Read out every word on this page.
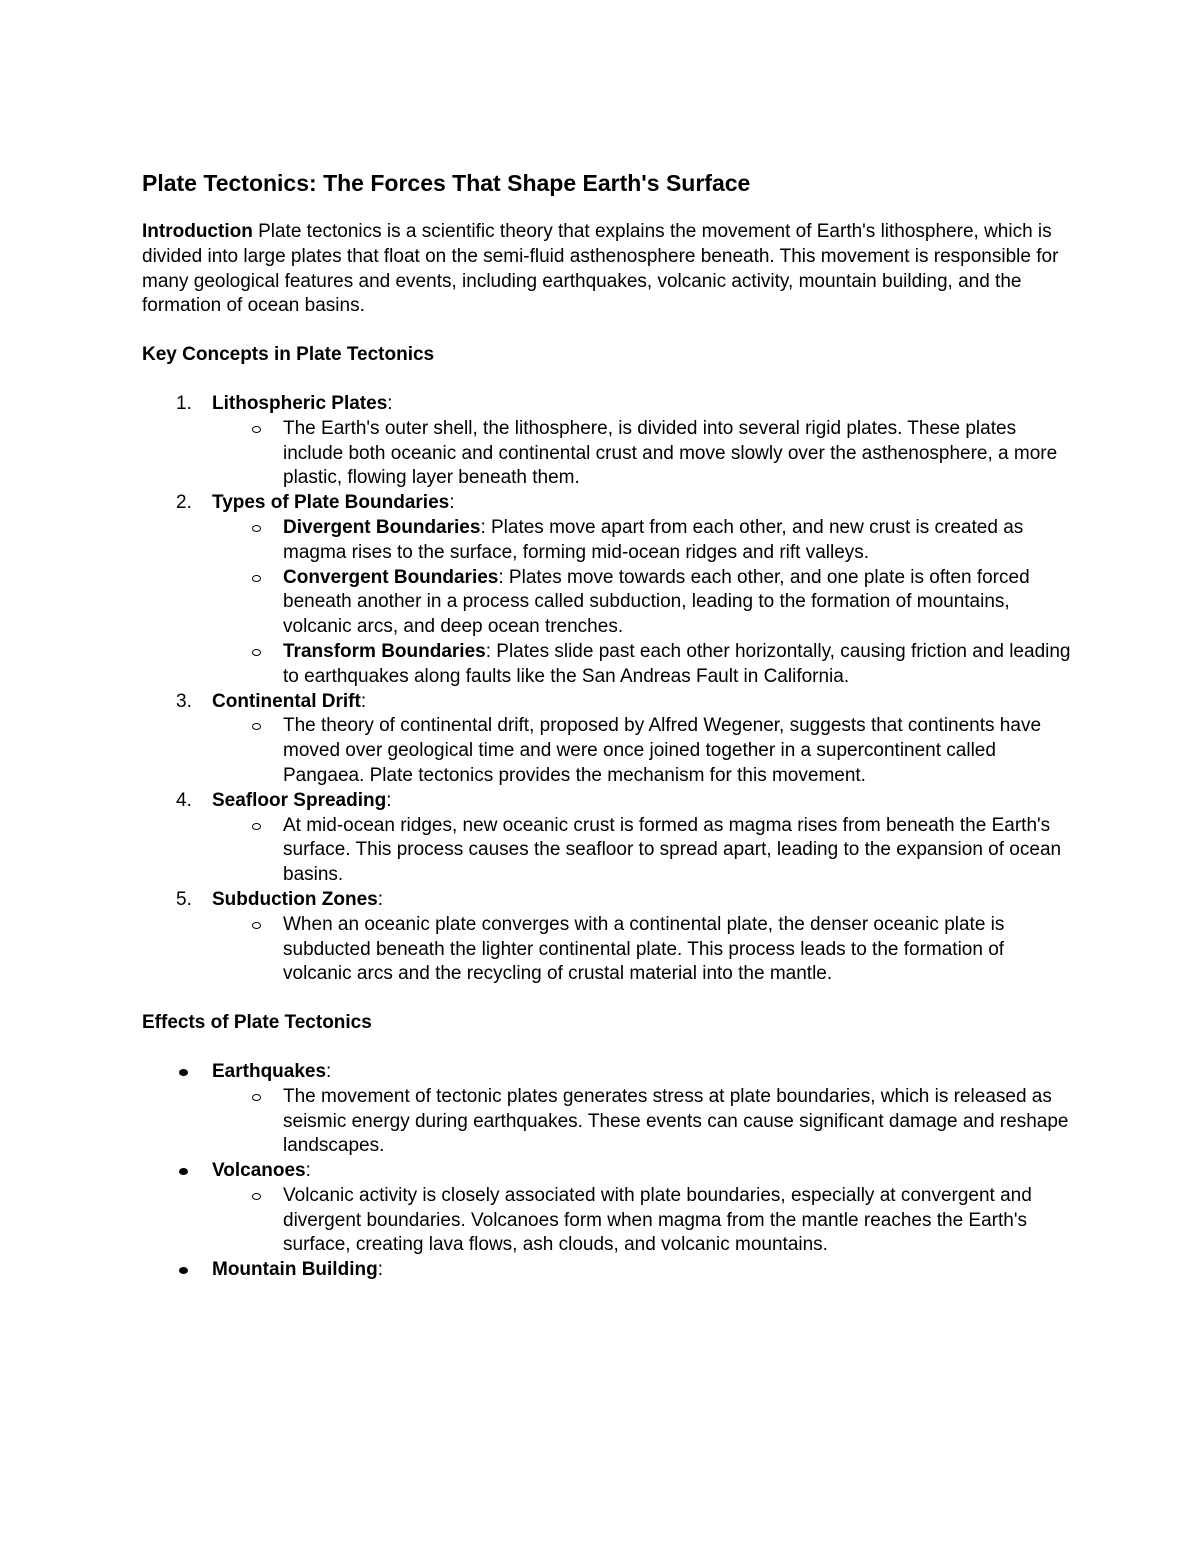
Plate Tectonics: The Forces That Shape Earth's Surface

Introduction Plate tectonics is a scientific theory that explains the movement of Earth's lithosphere, which is divided into large plates that float on the semi-fluid asthenosphere beneath. This movement is responsible for many geological features and events, including earthquakes, volcanic activity, mountain building, and the formation of ocean basins.

Key Concepts in Plate Tectonics
1.	Lithospheric Plates:
The Earth's outer shell, the lithosphere, is divided into several rigid plates. These plates include both oceanic and continental crust and move slowly over the asthenosphere, a more plastic, flowing layer beneath them.
2.	Types of Plate Boundaries:
Divergent Boundaries: Plates move apart from each other, and new crust is created as magma rises to the surface, forming mid-ocean ridges and rift valleys.
Convergent Boundaries: Plates move towards each other, and one plate is often forced beneath another in a process called subduction, leading to the formation of mountains, volcanic arcs, and deep ocean trenches.
Transform Boundaries: Plates slide past each other horizontally, causing friction and leading to earthquakes along faults like the San Andreas Fault in California.
3.	Continental Drift:
The theory of continental drift, proposed by Alfred Wegener, suggests that continents have moved over geological time and were once joined together in a supercontinent called Pangaea. Plate tectonics provides the mechanism for this movement.
4.	Seafloor Spreading:
At mid-ocean ridges, new oceanic crust is formed as magma rises from beneath the Earth's surface. This process causes the seafloor to spread apart, leading to the expansion of ocean basins.
5.	Subduction Zones:
When an oceanic plate converges with a continental plate, the denser oceanic plate is subducted beneath the lighter continental plate. This process leads to the formation of volcanic arcs and the recycling of crustal material into the mantle.
Effects of Plate Tectonics
Earthquakes:
The movement of tectonic plates generates stress at plate boundaries, which is released as seismic energy during earthquakes. These events can cause significant damage and reshape landscapes.
Volcanoes:
Volcanic activity is closely associated with plate boundaries, especially at convergent and divergent boundaries. Volcanoes form when magma from the mantle reaches the Earth's surface, creating lava flows, ash clouds, and volcanic mountains.
Mountain Building:
